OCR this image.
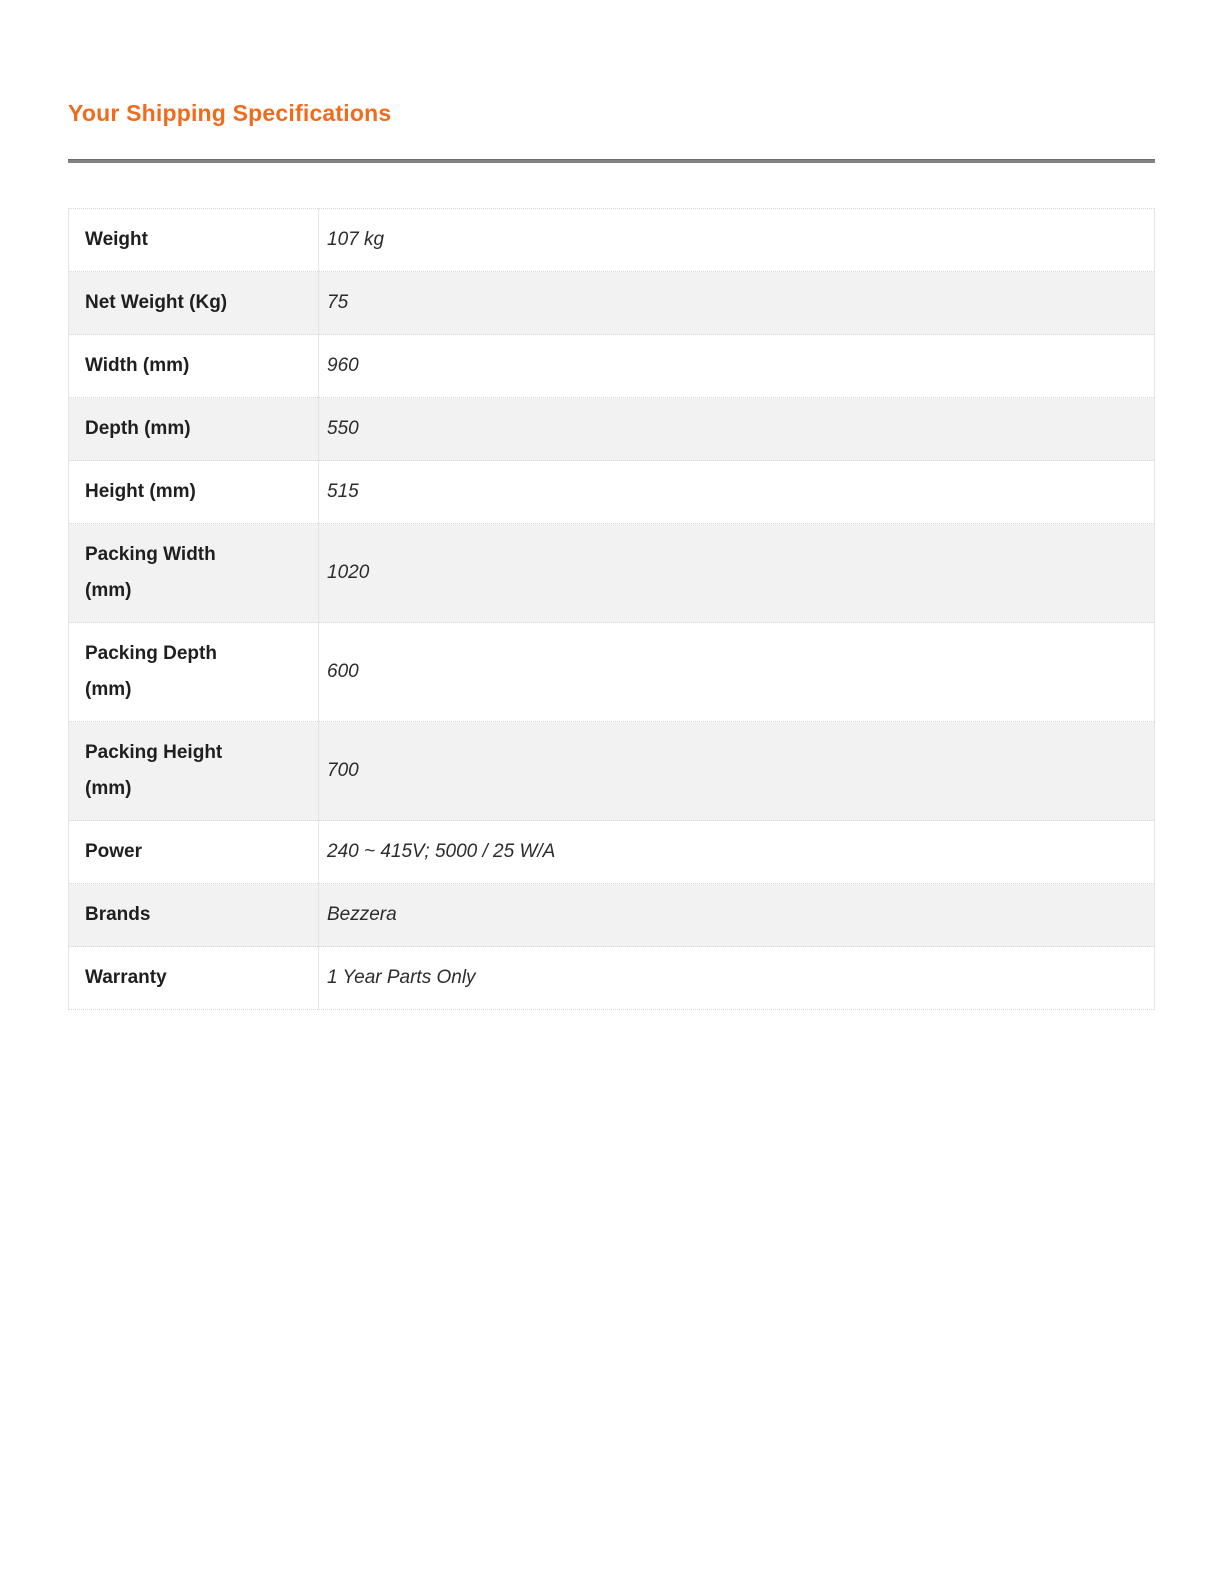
Your Shipping Specifications
Weight	107 kg
Net Weight (Kg)	75
Width (mm)	960
Depth (mm)	550
Height (mm)	515
Packing Width (mm)	1020
Packing Depth (mm)	600
Packing Height (mm)	700
Power	240 ~ 415V; 5000 / 25 W/A
Brands	Bezzera
Warranty	1 Year Parts Only
